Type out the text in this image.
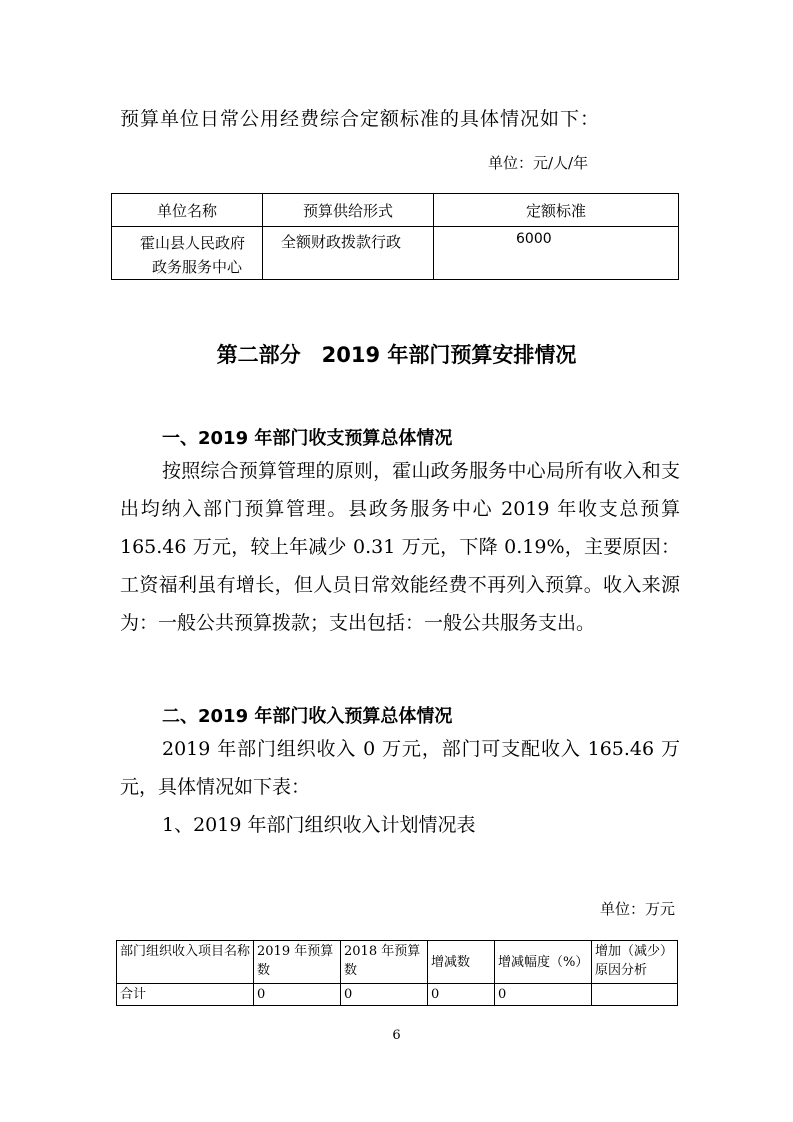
预算单位日常公用经费综合定额标准的具体情况如下：
单位：元/人/年
单位名称	预算供给形式	定额标准

霍山县人民政府
政务服务中心	全额财政拨款行政	6000
第二部分　2019 年部门预算安排情况
一、2019 年部门收支预算总体情况

按照综合预算管理的原则，霍山政务服务中心局所有收入和支出均纳入部门预算管理。县政务服务中心 2019 年收支总预算 165.46 万元，较上年减少 0.31 万元，下降 0.19%，主要原因：工资福利虽有增长，但人员日常效能经费不再列入预算。收入来源为：一般公共预算拨款；支出包括：一般公共服务支出。

二、2019 年部门收入预算总体情况

2019 年部门组织收入 0 万元，部门可支配收入 165.46 万元，具体情况如下表：

1、2019 年部门组织收入计划情况表

单位：万元
部门组织收入项目名称	2019 年预算数	2018 年预算数	增减数	增减幅度（%）	增加（减少）原因分析
合计	0	0	0	0	
6
